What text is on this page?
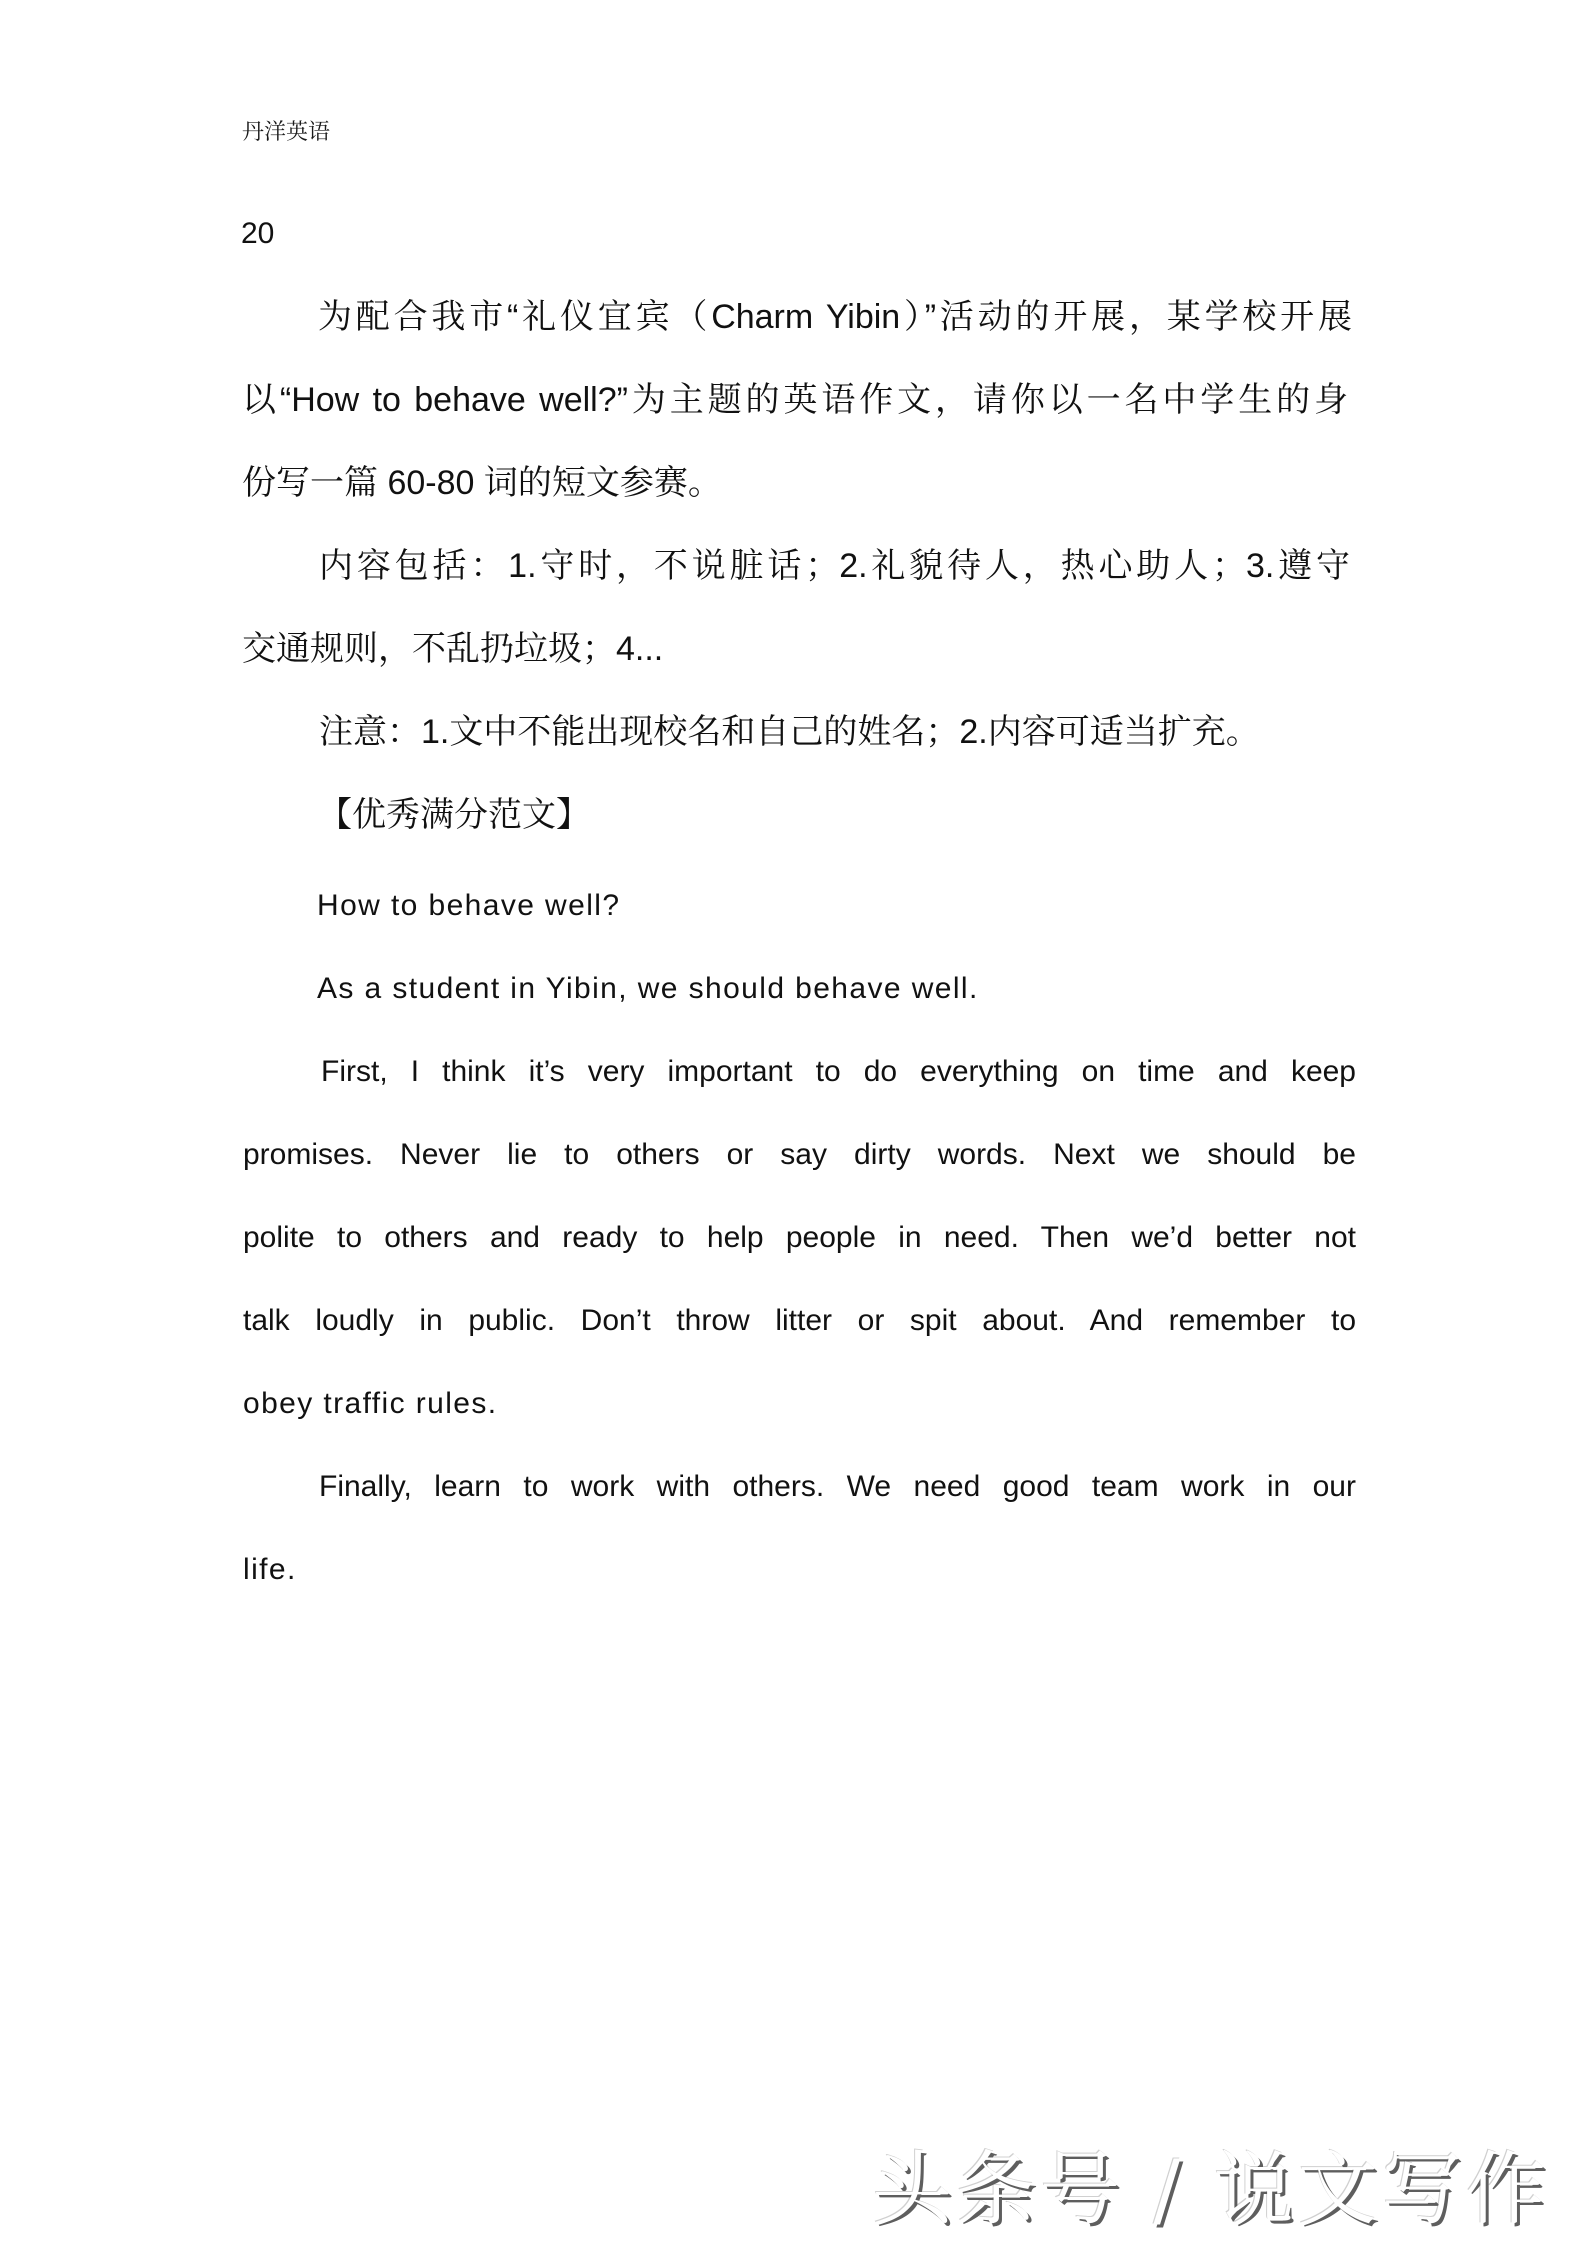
丹洋英语
20
为配合我市“礼仪宜宾（Charm Yibin）”活动的开展，某学校开展
以“How to behave well?”为主题的英语作文，请你以一名中学生的身
份写一篇 60-80 词的短文参赛。
内容包括：1.守时，不说脏话；2.礼貌待人，热心助人；3.遵守
交通规则，不乱扔垃圾；4...
注意：1.文中不能出现校名和自己的姓名；2.内容可适当扩充。
【优秀满分范文】
How to behave well?
As a student in Yibin, we should behave well.
First, I think it’s very important to do everything on time and keep
promises. Never lie to others or say dirty words. Next we should be
polite to others and ready to help people in need. Then we’d better not
talk loudly in public. Don’t throw litter or spit about. And remember to
obey traffic rules.
Finally, learn to work with others. We need good team work in our
life.
头条号 / 说文写作
